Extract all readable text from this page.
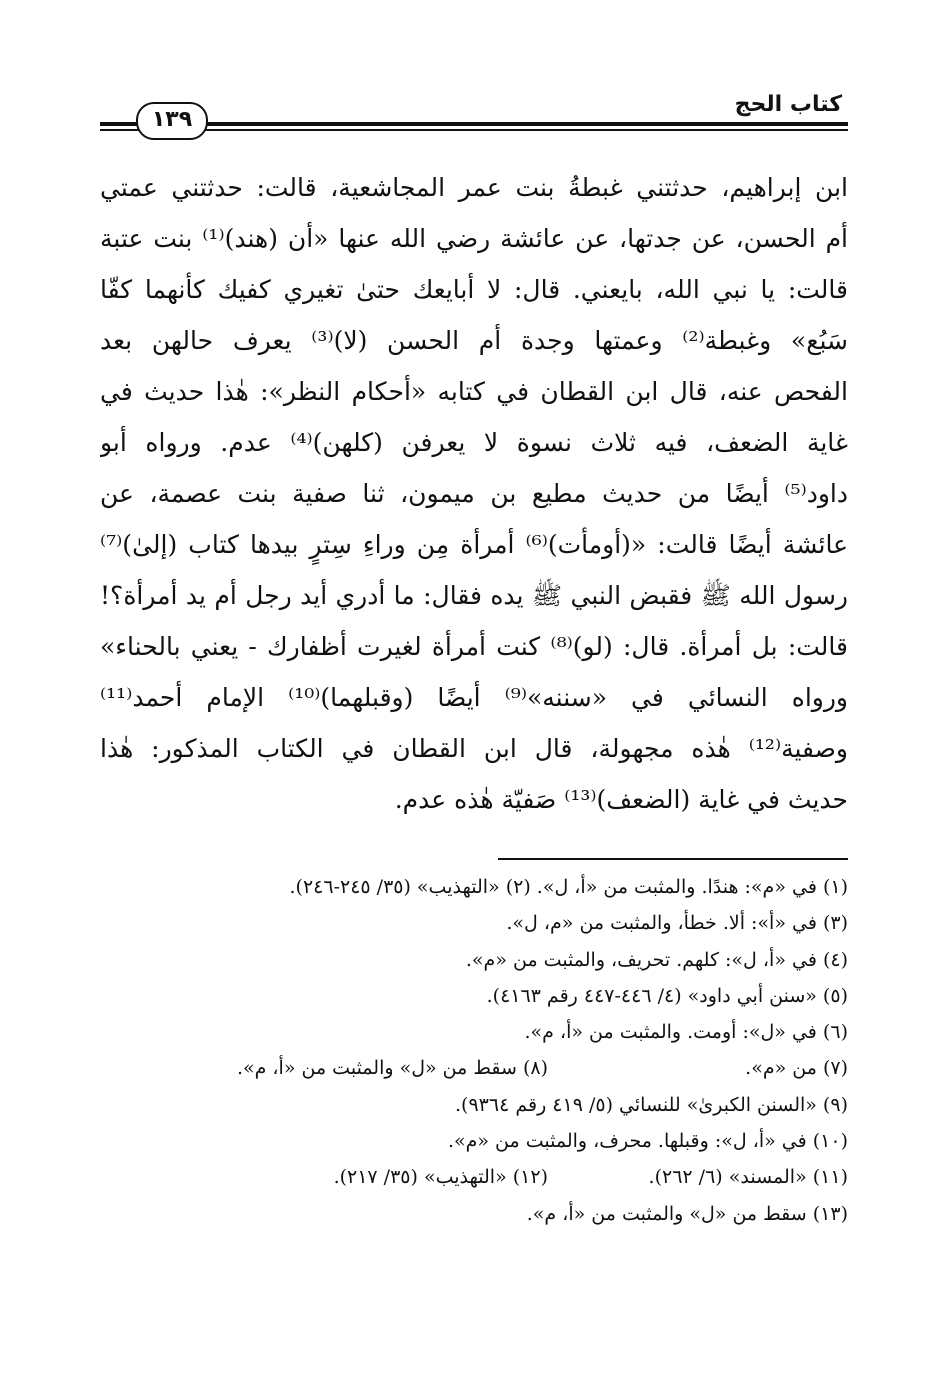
١٣٩
كتاب الحج
ابن إبراهيم، حدثتني غبطةُ بنت عمر المجاشعية، قالت: حدثتني عمتي
أم الحسن، عن جدتها، عن عائشة رضي الله عنها «أن (هند)⁽¹⁾ بنت عتبة
قالت: يا نبي الله، بايعني. قال: لا أبايعك حتىٰ تغيري كفيك كأنهما كفّا
سَبُع» وغبطة⁽²⁾ وعمتها وجدة أم الحسن (لا)⁽³⁾ يعرف حالهن بعد
الفحص عنه، قال ابن القطان في كتابه «أحكام النظر»: هٰذا حديث في
غاية الضعف، فيه ثلاث نسوة لا يعرفن (كلهن)⁽⁴⁾ عدم. ورواه أبو
داود⁽⁵⁾ أيضًا من حديث مطيع بن ميمون، ثنا صفية بنت عصمة، عن
عائشة أيضًا قالت: «(أومأت)⁽⁶⁾ أمرأة مِن وراءِ سِترٍ بيدها كتاب (إلىٰ)⁽⁷⁾
رسول الله ﷺ فقبض النبي ﷺ يده فقال: ما أدري أيد رجل أم يد أمرأة؟!
قالت: بل أمرأة. قال: (لو)⁽⁸⁾ كنت أمرأة لغيرت أظفارك - يعني بالحناء»
ورواه النسائي في «سننه»⁽⁹⁾ أيضًا (وقبلهما)⁽¹⁰⁾ الإمام أحمد⁽¹¹⁾
وصفية⁽¹²⁾ هٰذه مجهولة، قال ابن القطان في الكتاب المذكور: هٰذا
حديث في غاية (الضعف)⁽¹³⁾ صَفيّة هٰذه عدم.
(١) في «م»: هندًا. والمثبت من «أ، ل». (٢) «التهذيب» (٣٥/ ٢٤٥-٢٤٦).
(٣) في «أ»: ألا. خطأ، والمثبت من «م، ل».
(٤) في «أ، ل»: كلهم. تحريف، والمثبت من «م».
(٥) «سنن أبي داود» (٤/ ٤٤٦-٤٤٧ رقم ٤١٦٣).
(٦) في «ل»: أومت. والمثبت من «أ، م».
(٧) من «م».(٨) سقط من «ل» والمثبت من «أ، م».
(٩) «السنن الكبرىٰ» للنسائي (٥/ ٤١٩ رقم ٩٣٦٤).
(١٠) في «أ، ل»: وقبلها. محرف، والمثبت من «م».
(١١) «المسند» (٦/ ٢٦٢).(١٢) «التهذيب» (٣٥/ ٢١٧).
(١٣) سقط من «ل» والمثبت من «أ، م».
